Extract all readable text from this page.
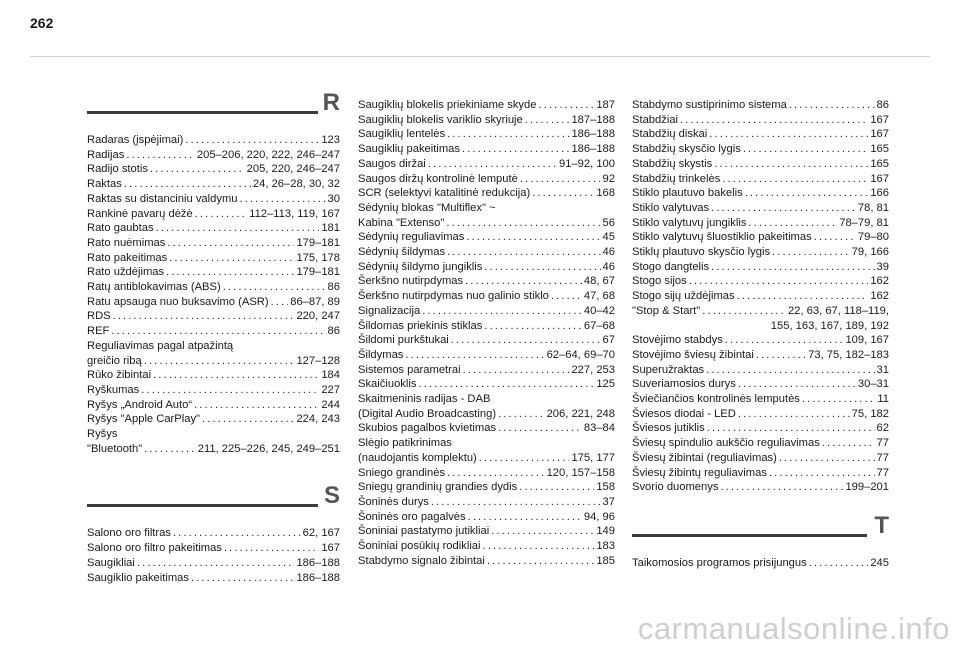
262
R
Radaras (įspėjimai) . . .	123
Radijas . . .	205–206, 220, 222, 246–247
Radijo stotis . . .	205, 220, 246–247
Raktas . . .	24, 26–28, 30, 32
Raktas su distanciniu valdymu . . .	30
Rankinė pavarų dėžė . . .	112–113, 119, 167
Rato gaubtas . . .	181
Rato nuėmimas . . .	179–181
Rato pakeitimas . . .	175, 178
Rato uždėjimas . . .	179–181
Ratų antiblokavimas (ABS) . . .	86
Ratu apsauga nuo buksavimo (ASR) . . . 86–87, 89
RDS . . .	220, 247
REF . . .	86
Reguliavimas pagal atpažintą
greičio ribą . . .	127–128
Rūko žibintai . . .	184
Ryškumas . . .	227
Ryšys „Android Auto“ . . .	244
Ryšys "Apple CarPlay" . . .	224, 243
Ryšys
"Bluetooth" . . .	211, 225–226, 245, 249–251
S
Salono oro filtras . . .	62, 167
Salono oro filtro pakeitimas . . .	167
Saugikliai . . .	186–188
Saugiklio pakeitimas . . .	186–188
Saugiklių blokelis priekiniame skyde . . .	187
Saugiklių blokelis variklio skyriuje . . .	187–188
Saugiklių lentelės . . .	186–188
Saugiklių pakeitimas . . .	186–188
Saugos diržai . . .	91–92, 100
Saugos diržų kontrolinė lemputė . . .	92
SCR (selektyvi katalitinė redukcija) . . .	168
Sėdynių blokas "Multiflex" ~
Kabina "Extenso" . . .	56
Sėdynių reguliavimas . . .	45
Sėdynių šildymas . . .	46
Sėdynių šildymo jungiklis . . .	46
Šerkšno nutirpdymas . . .	48, 67
Šerkšno nutirpdymas nuo galinio stiklo . . .	47, 68
Signalizacija . . .	40–42
Šildomas priekinis stiklas . . .	67–68
Šildomi purkštukai . . .	67
Šildymas . . .	62–64, 69–70
Sistemos parametrai . . .	227, 253
Skaičiuoklis . . .	125
Skaitmeninis radijas - DAB
(Digital Audio Broadcasting) . . .	206, 221, 248
Skubios pagalbos kvietimas . . .	83–84
Slėgio patikrinimas
(naudojantis komplektu) . . .	175, 177
Sniego grandinės . . .	120, 157–158
Sniegų grandinių grandies dydis . . .	158
Šoninės durys . . .	37
Šoninės oro pagalvės . . .	94, 96
Šoniniai pastatymo jutikliai . . .	149
Šoniniai posūkių rodikliai . . .	183
Stabdymo signalo žibintai . . .	185
Stabdymo sustiprinimo sistema . . .	86
Stabdžiai . . .	167
Stabdžių diskai . . .	167
Stabdžių skysčio lygis . . .	165
Stabdžių skystis . . .	165
Stabdžių trinkelės . . .	167
Stiklo plautuvo bakelis . . .	166
Stiklo valytuvas . . .	78, 81
Stiklo valytuvų jungiklis . . .	78–79, 81
Stiklo valytuvų šluostiklio pakeitimas . . .	79–80
Stiklų plautuvo skysčio lygis . . .	79, 166
Stogo dangtelis . . .	39
Stogo sijos . . .	162
Stogo sijų uždėjimas . . .	162
"Stop & Start" . . .	22, 63, 67, 118–119,
155, 163, 167, 189, 192
Stovėjimo stabdys . . .	109, 167
Stovėjimo šviesų žibintai . . .	73, 75, 182–183
Superužraktas . . .	31
Suveriamosios durys . . .	30–31
Šviečiančios kontrolinės lemputės . . .	11
Šviesos diodai - LED . . .	75, 182
Šviesos jutiklis . . .	62
Šviesų spindulio aukščio reguliavimas . . .	77
Šviesų žibintai (reguliavimas) . . .	77
Šviesų žibintų reguliavimas . . .	77
Svorio duomenys . . .	199–201
T
Taikomosios programos prisijungus . . .	245
carmanualsonline.info
